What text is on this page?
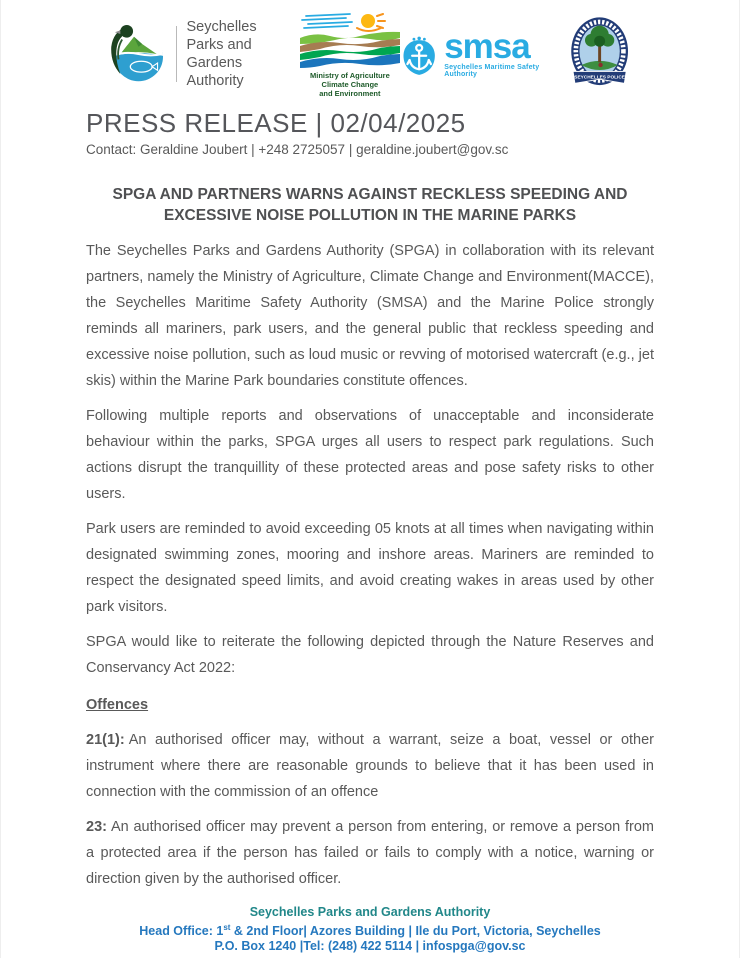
Seychelles
Parks and Gardens
Authority	Ministry of Agriculture
Climate Change
and Environment
smsa
Seychelles Maritime Safety Authority
SEYCHELLES POLICE
PRESS RELEASE | 02/04/2025
Contact: Geraldine Joubert | +248 2725057 | geraldine.joubert@gov.sc
SPGA AND PARTNERS WARNS AGAINST RECKLESS SPEEDING AND EXCESSIVE NOISE POLLUTION IN THE MARINE PARKS

The Seychelles Parks and Gardens Authority (SPGA) in collaboration with its relevant partners, namely the Ministry of Agriculture, Climate Change and Environment(MACCE), the Seychelles Maritime Safety Authority (SMSA) and the Marine Police strongly reminds all mariners, park users, and the general public that reckless speeding and excessive noise pollution, such as loud music or revving of motorised watercraft (e.g., jet skis) within the Marine Park boundaries constitute offences.

Following multiple reports and observations of unacceptable and inconsiderate behaviour within the parks, SPGA urges all users to respect park regulations. Such actions disrupt the tranquillity of these protected areas and pose safety risks to other users.

Park users are reminded to avoid exceeding 05 knots at all times when navigating within designated swimming zones, mooring and inshore areas. Mariners are reminded to respect the designated speed limits, and avoid creating wakes in areas used by other park visitors.

SPGA would like to reiterate the following depicted through the Nature Reserves and Conservancy Act 2022:

Offences

21(1): An authorised officer may, without a warrant, seize a boat, vessel or other instrument where there are reasonable grounds to believe that it has been used in connection with the commission of an offence

23: An authorised officer may prevent a person from entering, or remove a person from a protected area if the person has failed or fails to comply with a notice, warning or direction given by the authorised officer.

Seychelles Parks and Gardens Authority
Head Office: 1st & 2nd Floor| Azores Building | Ile du Port, Victoria, Seychelles
P.O. Box 1240 |Tel: (248) 422 5114 | infospga@gov.sc
